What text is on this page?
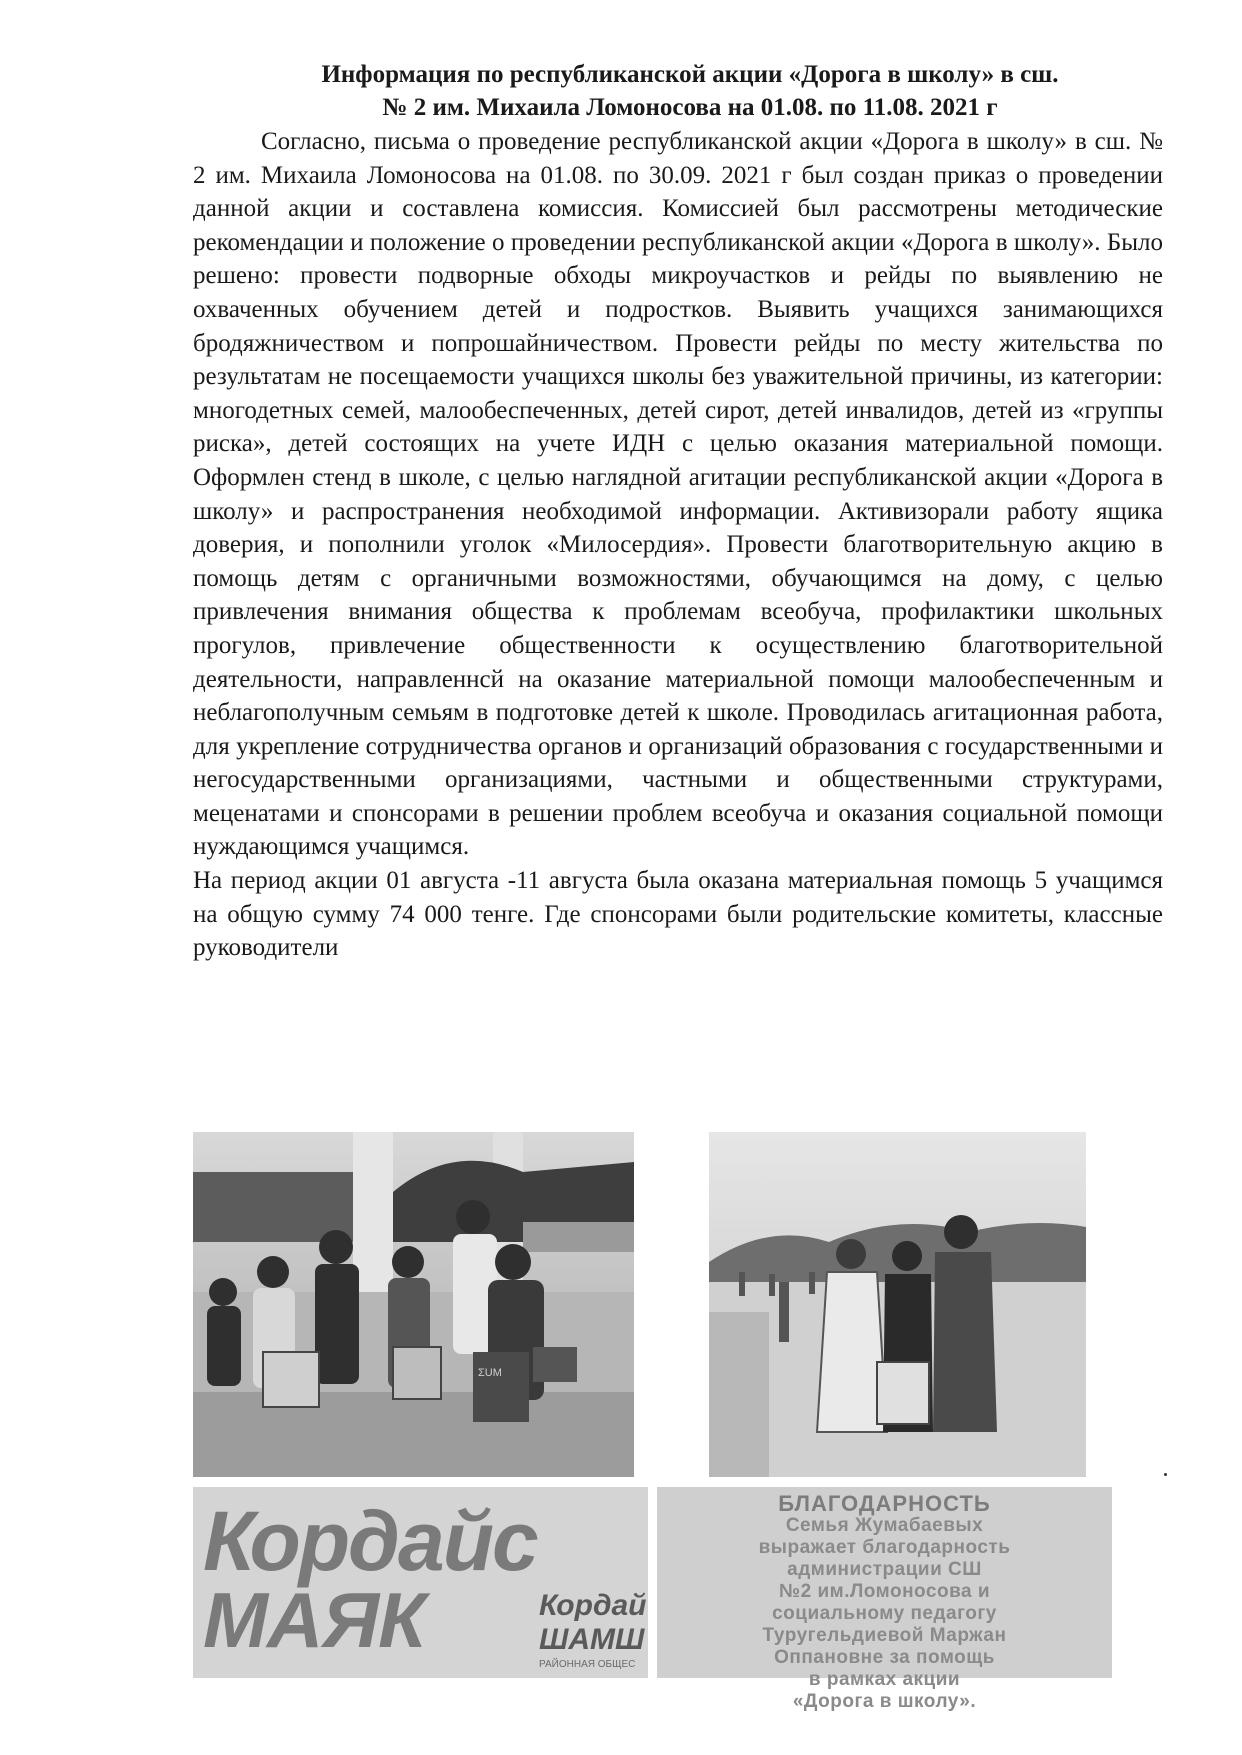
Информация по республиканской акции «Дорога в школу» в сш.
№ 2 им. Михаила Ломоносова на 01.08. по 11.08. 2021 г

Согласно, письма о проведение республиканской акции «Дорога в школу» в сш. № 2 им. Михаила Ломоносова на 01.08. по 30.09. 2021 г был создан приказ о проведении данной акции и составлена комиссия. Комиссией был рассмотрены методические рекомендации и положение о проведении республиканской акции «Дорога в школу». Было решено: провести подворные обходы микроучастков и рейды по выявлению не охваченных обучением детей и подростков. Выявить учащихся занимающихся бродяжничеством и попрошайничеством. Провести рейды по месту жительства по результатам не посещаемости учащихся школы без уважительной причины, из категории: многодетных семей, малообеспеченных, детей сирот, детей инвалидов, детей из «группы риска», детей состоящих на учете ИДН с целью оказания материальной помощи. Оформлен стенд в школе, с целью наглядной агитации республиканской акции «Дорога в школу» и распространения необходимой информации. Активизорали работу ящика доверия, и пополнили уголок «Милосердия». Провести благотворительную акцию в помощь детям с органичными возможностями, обучающимся на дому, с целью привлечения внимания общества к проблемам всеобуча, профилактики школьных прогулов, привлечение общественности к осуществлению благотворительной деятельности, направленнсй на оказание материальной помощи малообеспеченным и неблагополучным семьям в подготовке детей к школе. Проводилась агитационная работа, для укрепление сотрудничества органов и организаций образования с государственными и негосударственными организациями, частными и общественными структурами, меценатами и спонсорами в решении проблем всеобуча и оказания социальной помощи нуждающимся учащимся.

На период акции 01 августа -11 августа была оказана материальная помощь 5 учащимся на общую сумму 74 000 тенге. Где спонсорами были родительские комитеты, классные руководители

ΣUM
Кордайс
МАЯК	Кордай
ШАМШ
РАЙОННАЯ ОБЩЕС
БЛАГОДАРНОСТЬ
Семья Жумабаевых
выражает благодарность
администрации СШ
№2 им.Ломоносова и
социальному педагогу
Туругельдиевой Маржан
Оппановне за помощь
в рамках акции
«Дорога в школу».
